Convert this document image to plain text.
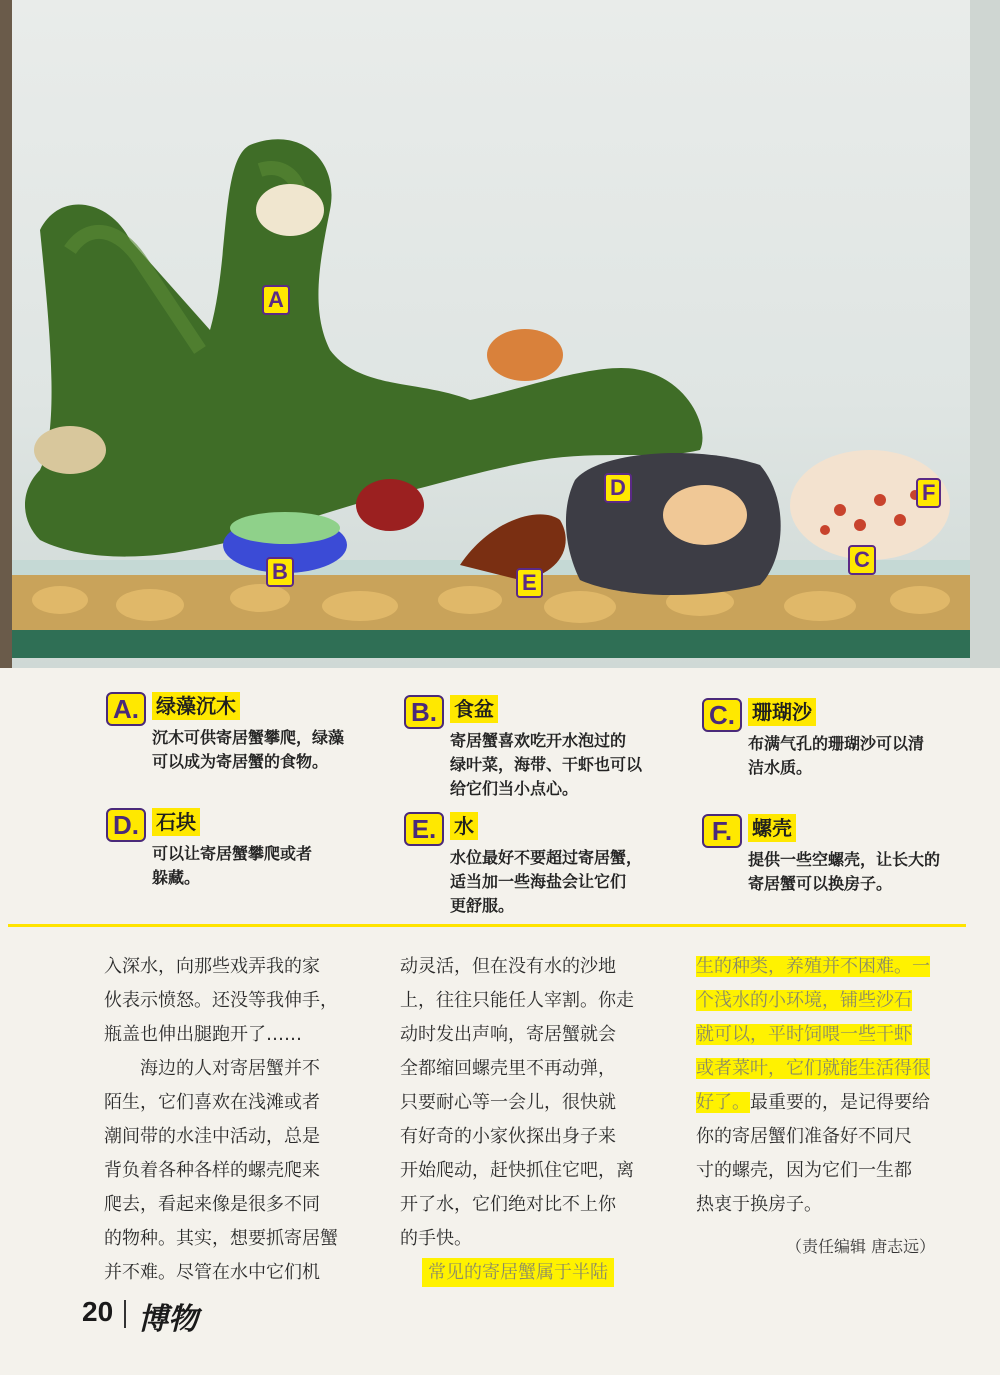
A
B	C
D
E
F
A. 绿藻沉木
沉木可供寄居蟹攀爬，绿藻
可以成为寄居蟹的食物。
B. 食盆
寄居蟹喜欢吃开水泡过的
绿叶菜，海带、干虾也可以
给它们当小点心。
C. 珊瑚沙
布满气孔的珊瑚沙可以清
洁水质。
D. 石块
可以让寄居蟹攀爬或者
躲藏。
E. 水
水位最好不要超过寄居蟹，
适当加一些海盐会让它们
更舒服。
F. 螺壳
提供一些空螺壳，让长大的
寄居蟹可以换房子。

入深水，向那些戏弄我的家

伙表示愤怒。还没等我伸手，

瓶盖也伸出腿跑开了……

海边的人对寄居蟹并不

陌生，它们喜欢在浅滩或者

潮间带的水洼中活动，总是

背负着各种各样的螺壳爬来

爬去，看起来像是很多不同

的物种。其实，想要抓寄居蟹

并不难。尽管在水中它们机

动灵活，但在没有水的沙地

上，往往只能任人宰割。你走

动时发出声响，寄居蟹就会

全都缩回螺壳里不再动弹，

只要耐心等一会儿，很快就

有好奇的小家伙探出身子来

开始爬动，赶快抓住它吧，离

开了水，它们绝对比不上你

的手快。

常见的寄居蟹属于半陆

生的种类，养殖并不困难。一

个浅水的小环境，铺些沙石

就可以，平时饲喂一些干虾

或者菜叶，它们就能生活得很

好了。最重要的，是记得要给

你的寄居蟹们准备好不同尺

寸的螺壳，因为它们一生都

热衷于换房子。

（责任编辑 唐志远）
20 博物
